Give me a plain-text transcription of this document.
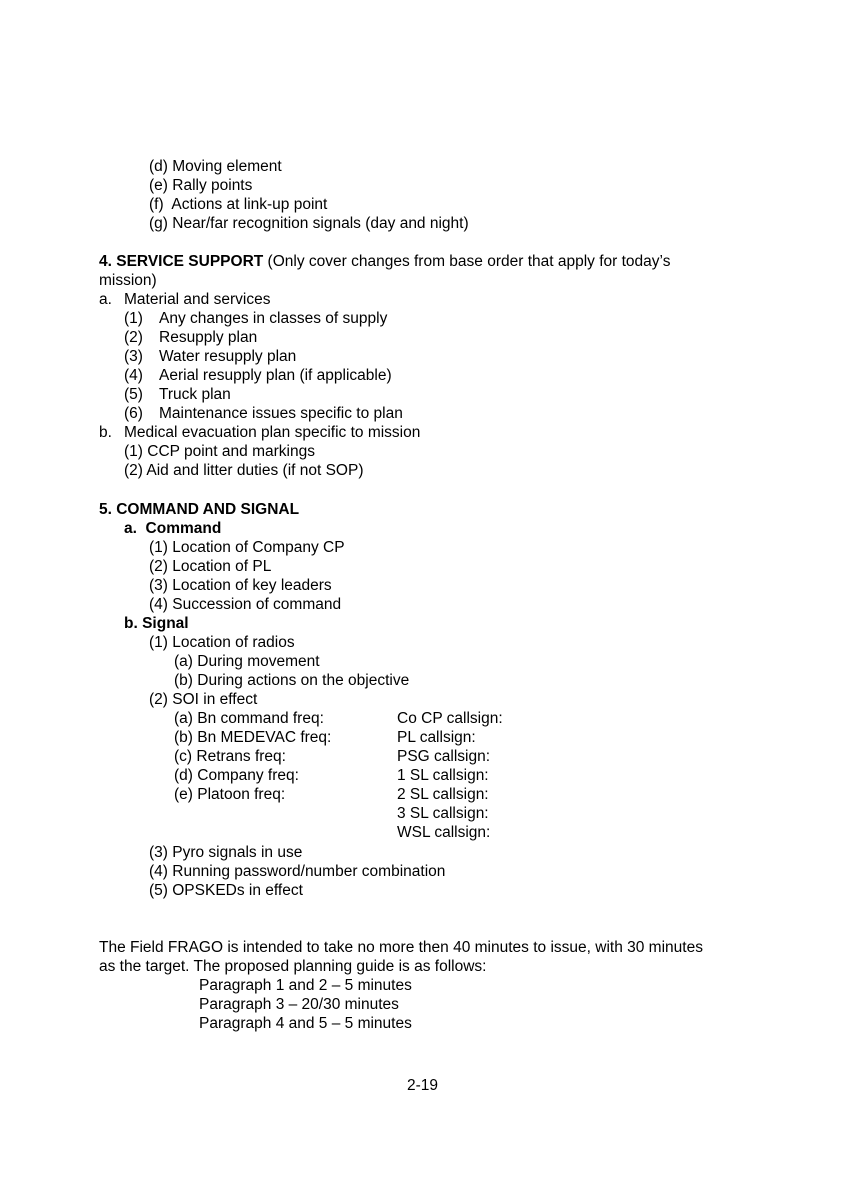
(d) Moving element
(e) Rally points
(f)  Actions at link-up point
(g) Near/far recognition signals (day and night)
4. SERVICE SUPPORT (Only cover changes from base order that apply for today’s
mission)
a. Material and services
(1) Any changes in classes of supply
(2) Resupply plan
(3) Water resupply plan
(4) Aerial resupply plan (if applicable)
(5) Truck plan
(6) Maintenance issues specific to plan
b. Medical evacuation plan specific to mission
(1) CCP point and markings
(2) Aid and litter duties (if not SOP)
5. COMMAND AND SIGNAL
a.  Command
(1) Location of Company CP
(2) Location of PL
(3) Location of key leaders
(4) Succession of command
b. Signal
(1) Location of radios
(a) During movement
(b) During actions on the objective
(2) SOI in effect
(a) Bn command freq:
(b) Bn MEDEVAC freq:
(c) Retrans freq:
(d) Company freq:
(e) Platoon freq:
Co CP callsign:
PL callsign:
PSG callsign:
1 SL callsign:
2 SL callsign:
3 SL callsign:
WSL callsign:
(3) Pyro signals in use
(4) Running password/number combination
(5) OPSKEDs in effect
The Field FRAGO is intended to take no more then 40 minutes to issue, with 30 minutes
as the target. The proposed planning guide is as follows:
Paragraph 1 and 2 – 5 minutes
Paragraph 3 – 20/30 minutes
Paragraph 4 and 5 – 5 minutes
2-19
